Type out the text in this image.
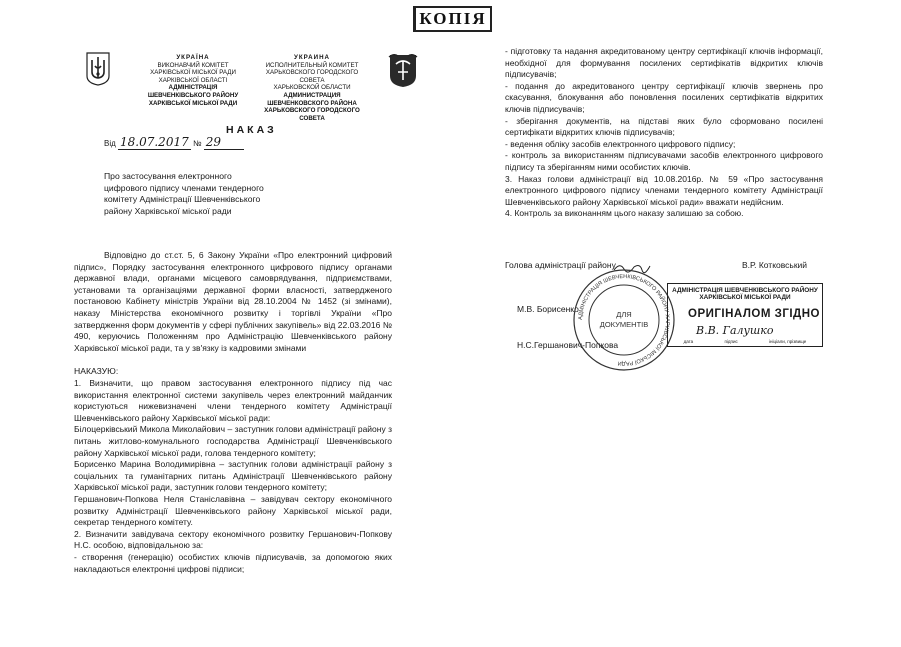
КОПІЯ
УКРАЇНА
ВИКОНАВЧИЙ КОМІТЕТ
ХАРКІВСЬКОЇ МІСЬКОЇ РАДИ
ХАРКІВСЬКОЇ ОБЛАСТІ
АДМІНІСТРАЦІЯ
ШЕВЧЕНКІВСЬКОГО РАЙОНУ
ХАРКІВСЬКОЇ МІСЬКОЇ РАДИ
УКРАИНА
ИСПОЛНИТЕЛЬНЫЙ КОМИТЕТ
ХАРЬКОВСКОГО ГОРОДСКОГО СОВЕТА
ХАРЬКОВСКОЙ ОБЛАСТИ
АДМИНИСТРАЦИЯ
ШЕВЧЕНКОВСКОГО РАЙОНА
ХАРЬКОВСКОГО ГОРОДСКОГО СОВЕТА
НАКАЗ
Від 18.07.2017 № 29
Про застосування електронного
цифрового підпису членами тендерного
комітету Адміністрації Шевченківського
району Харківської міської ради
Відповідно до ст.ст. 5, 6 Закону України «Про електронний цифровий підпис», Порядку застосування електронного цифрового підпису органами державної влади, органами місцевого самоврядування, підприємствами, установами та організаціями державної форми власності, затвердженого постановою Кабінету міністрів України від 28.10.2004 № 1452 (зі змінами), наказу Міністерства економічного розвитку і торгівлі України «Про затвердження форм документів у сфері публічних закупівель» від 22.03.2016 № 490, керуючись Положенням про Адміністрацію Шевченківського району Харківської міської ради, та у зв'язку із кадровими змінами
НАКАЗУЮ:

1. Визначити, що правом застосування електронного підпису під час використання електронної системи закупівель через електронний майданчик користуються нижевизначені члени тендерного комітету Адміністрації Шевченківського району Харківської міської ради:

Білоцерківський Микола Миколайович – заступник голови адміністрації району з питань житлово-комунального господарства Адміністрації Шевченківського району Харківської міської ради, голова тендерного комітету;

Борисенко Марина Володимирівна – заступник голови адміністрації району з соціальних та гуманітарних питань Адміністрації Шевченківського району Харківської міської ради, заступник голови тендерного комітету;

Гершанович-Попкова Неля Станіславівна – завідувач сектору економічного розвитку Адміністрації Шевченківського району Харківської міської ради, секретар тендерного комітету.

2. Визначити завідувача сектору економічного розвитку Гершанович-Попкову Н.С. особою, відповідальною за:

- створення (генерацію) особистих ключів підписувачів, за допомогою яких накладаються електронні цифрові підписи;

- підготовку та надання акредитованому центру сертифікації ключів інформації, необхідної для формування посилених сертифікатів відкритих ключів підписувачів;

- подання до акредитованого центру сертифікації ключів звернень про скасування, блокування або поновлення посилених сертифікатів відкритих ключів підписувачів;

- зберігання документів, на підставі яких було сформовано посилені сертифікати відкритих ключів підписувачів;

- ведення обліку засобів електронного цифрового підпису;

- контроль за використанням підписувачами засобів електронного цифрового підпису та зберіганням ними особистих ключів.

3. Наказ голови адміністрації від 10.08.2016р. № 59 «Про застосування електронного цифрового підпису членами тендерного комітету Адміністрації Шевченківського району Харківської міської ради» вважати недійсним.

4. Контроль за виконанням цього наказу залишаю за собою.

Голова адміністрації району	В.Р. Котковський
М.В. Борисенко
Н.С.Гершанович-Попкова
АДМІНІСТРАЦІЯ ШЕВЧЕНКІВСЬКОГО РАЙОНУ ХАРКІВСЬКОЇ МІСЬКОЇ РАДИ
ДЛЯ
ДОКУМЕНТІВ
АДМІНІСТРАЦІЯ ШЕВЧЕНКІВСЬКОГО РАЙОНУ
ХАРКІВСЬКОЇ МІСЬКОЇ РАДИ
ОРИГІНАЛОМ ЗГІДНО
В.В. Галушко
дата	підпис	ініціали, прізвище
